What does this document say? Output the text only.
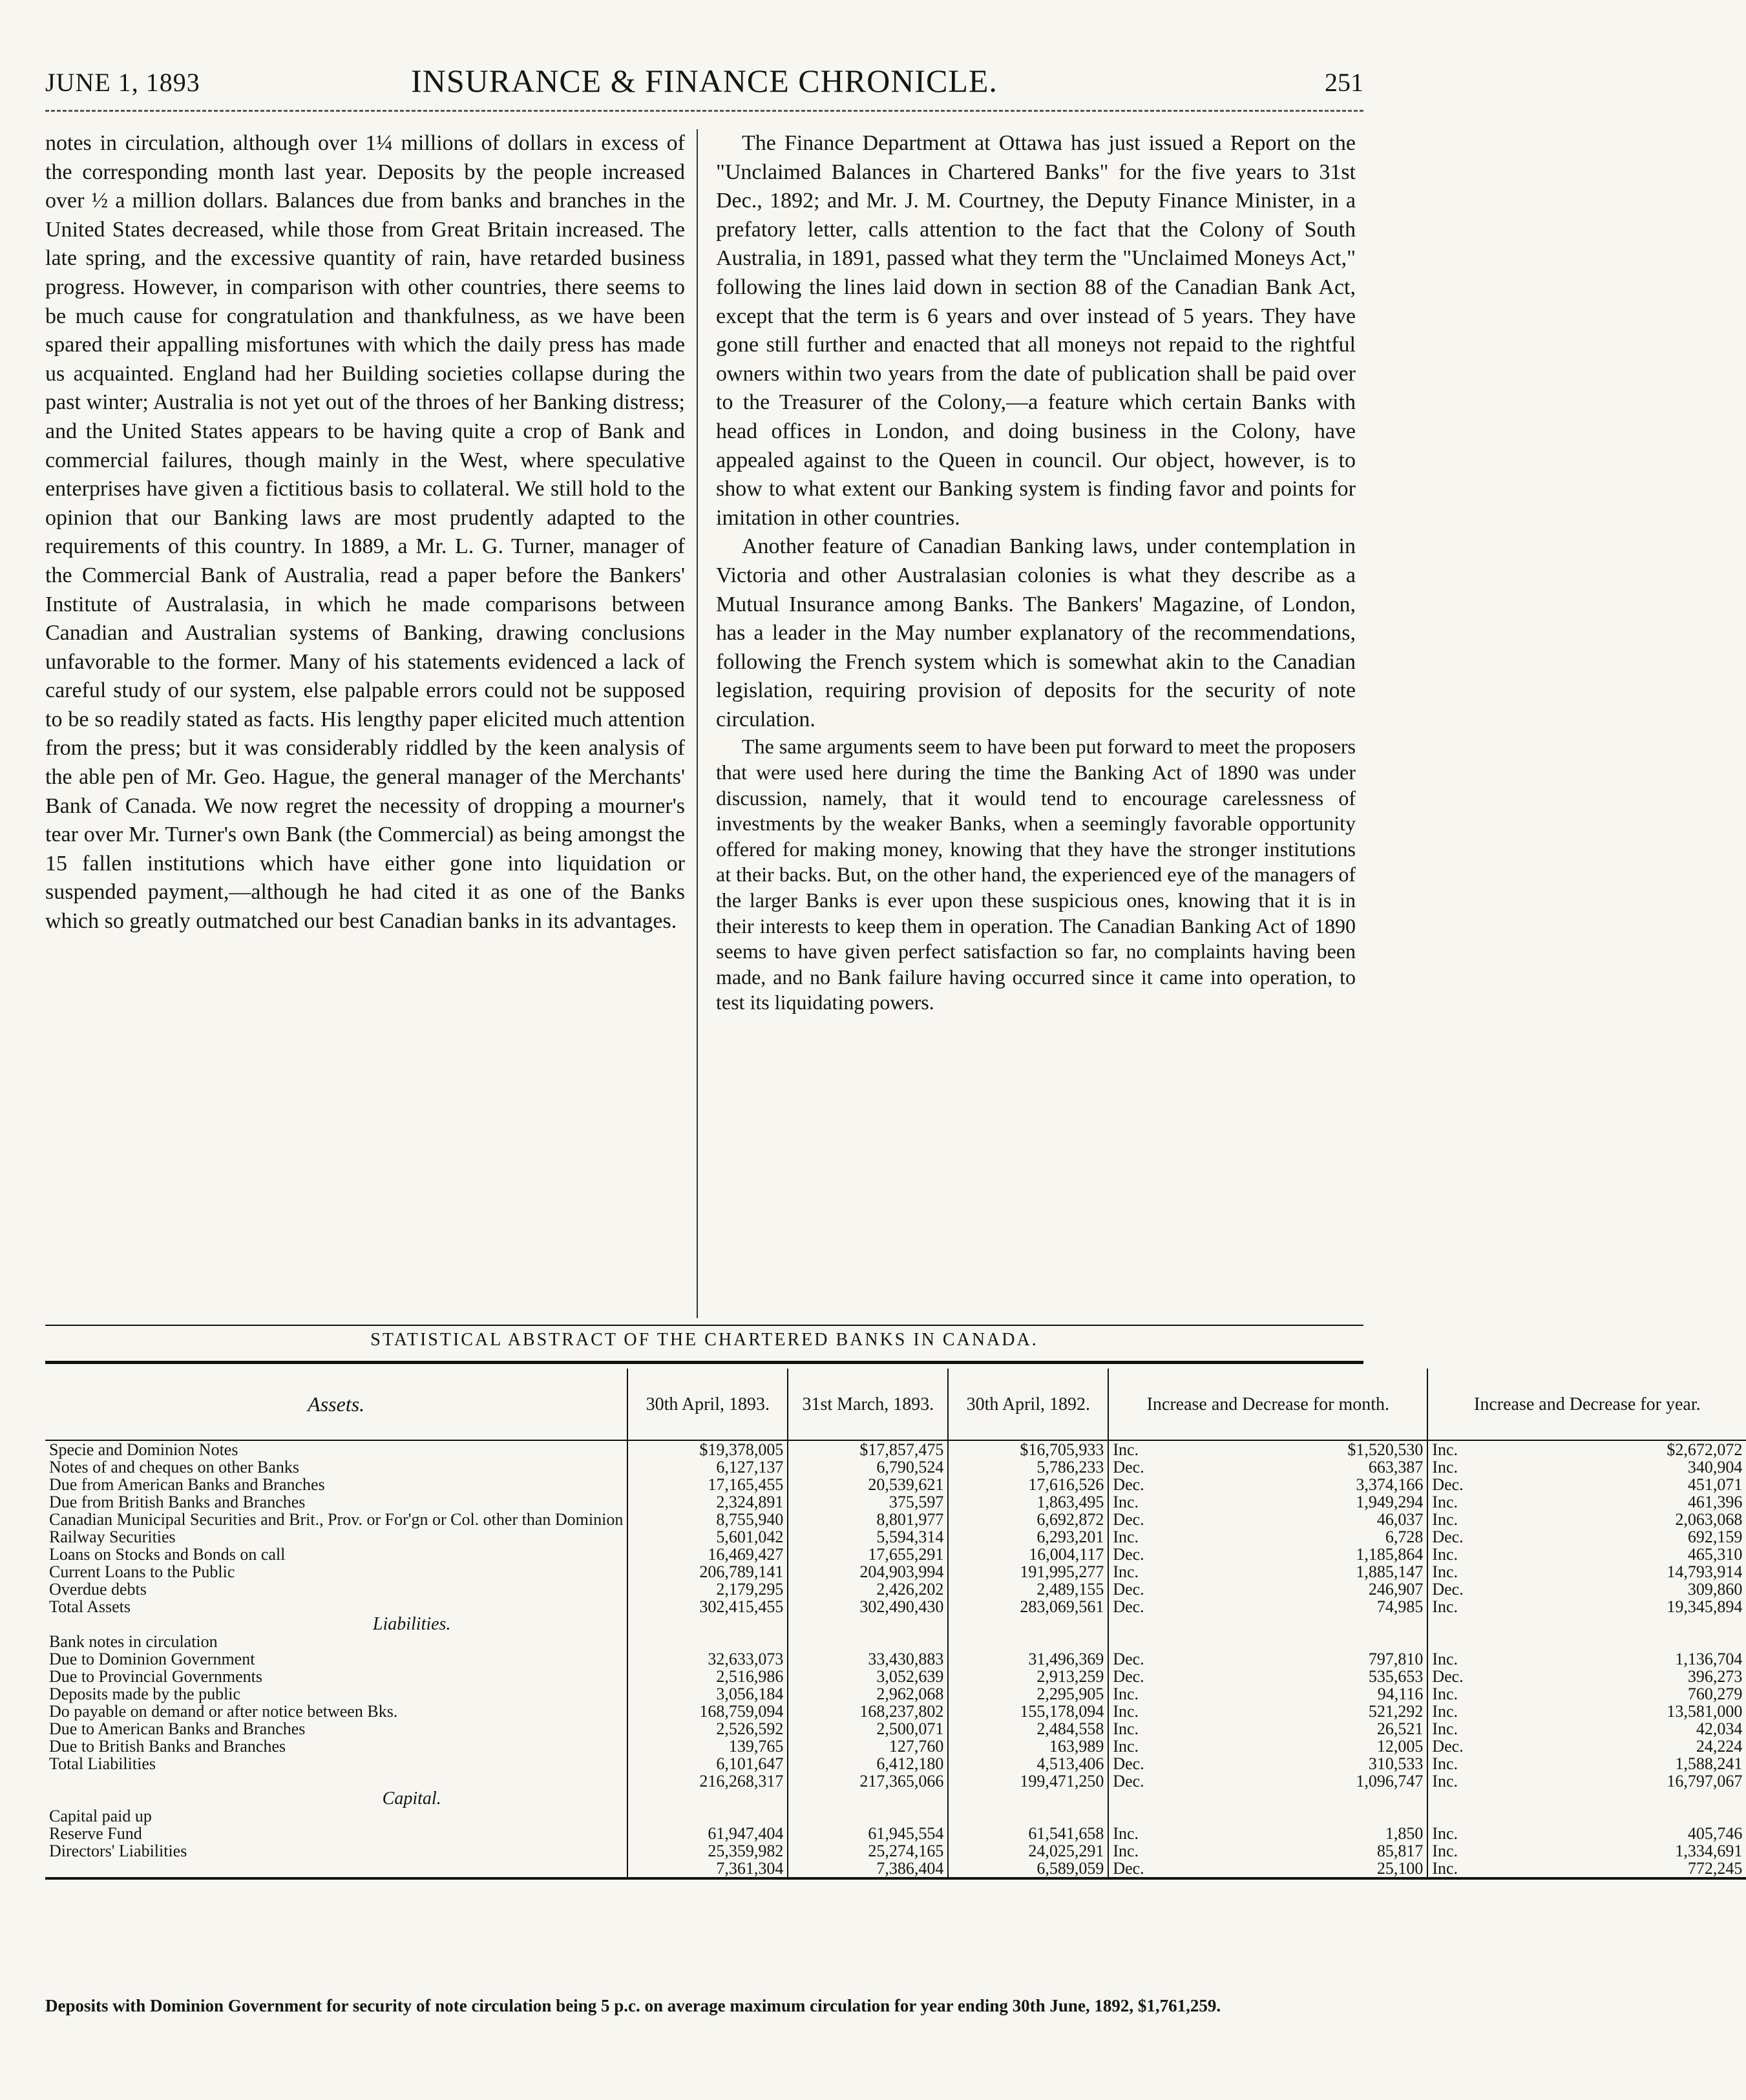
JUNE 1, 1893	INSURANCE & FINANCE CHRONICLE.	251

notes in circulation, although over 1¼ millions of dollars in excess of the corresponding month last year. Deposits by the people increased over ½ a million dollars. Balances due from banks and branches in the United States decreased, while those from Great Britain increased. The late spring, and the excessive quantity of rain, have retarded business progress. However, in comparison with other countries, there seems to be much cause for congratulation and thankfulness, as we have been spared their appalling misfortunes with which the daily press has made us acquainted. England had her Building societies collapse during the past winter; Australia is not yet out of the throes of her Banking distress; and the United States appears to be having quite a crop of Bank and commercial failures, though mainly in the West, where speculative enterprises have given a fictitious basis to collateral. We still hold to the opinion that our Banking laws are most prudently adapted to the requirements of this country. In 1889, a Mr. L. G. Turner, manager of the Commercial Bank of Australia, read a paper before the Bankers' Institute of Australasia, in which he made comparisons between Canadian and Australian systems of Banking, drawing conclusions unfavorable to the former. Many of his statements evidenced a lack of careful study of our system, else palpable errors could not be supposed to be so readily stated as facts. His lengthy paper elicited much attention from the press; but it was considerably riddled by the keen analysis of the able pen of Mr. Geo. Hague, the general manager of the Merchants' Bank of Canada. We now regret the necessity of dropping a mourner's tear over Mr. Turner's own Bank (the Commercial) as being amongst the 15 fallen institutions which have either gone into liquidation or suspended payment,—although he had cited it as one of the Banks which so greatly outmatched our best Canadian banks in its advantages.

The Finance Department at Ottawa has just issued a Report on the "Unclaimed Balances in Chartered Banks" for the five years to 31st Dec., 1892; and Mr. J. M. Courtney, the Deputy Finance Minister, in a prefatory letter, calls attention to the fact that the Colony of South Australia, in 1891, passed what they term the "Unclaimed Moneys Act," following the lines laid down in section 88 of the Canadian Bank Act, except that the term is 6 years and over instead of 5 years. They have gone still further and enacted that all moneys not repaid to the rightful owners within two years from the date of publication shall be paid over to the Treasurer of the Colony,—a feature which certain Banks with head offices in London, and doing business in the Colony, have appealed against to the Queen in council. Our object, however, is to show to what extent our Banking system is finding favor and points for imitation in other countries.

Another feature of Canadian Banking laws, under contemplation in Victoria and other Australasian colonies is what they describe as a Mutual Insurance among Banks. The Bankers' Magazine, of London, has a leader in the May number explanatory of the recommendations, following the French system which is somewhat akin to the Canadian legislation, requiring provision of deposits for the security of note circulation.

The same arguments seem to have been put forward to meet the proposers that were used here during the time the Banking Act of 1890 was under discussion, namely, that it would tend to encourage carelessness of investments by the weaker Banks, when a seemingly favorable opportunity offered for making money, knowing that they have the stronger institutions at their backs. But, on the other hand, the experienced eye of the managers of the larger Banks is ever upon these suspicious ones, knowing that it is in their interests to keep them in operation. The Canadian Banking Act of 1890 seems to have given perfect satisfaction so far, no complaints having been made, and no Bank failure having occurred since it came into operation, to test its liquidating powers.

STATISTICAL ABSTRACT OF THE CHARTERED BANKS IN CANADA.
Assets.	30th April, 1893.	31st March, 1893.	30th April, 1892.	Increase and Decrease for month.		Increase and Decrease for year.	
Specie and Dominion Notes	$19,378,005	$17,857,475	$16,705,933	Inc.	$1,520,530	Inc.	$2,672,072
Notes of and cheques on other Banks	6,127,137	6,790,524	5,786,233	Dec.	663,387	Inc.	340,904
Due from American Banks and Branches	17,165,455	20,539,621	17,616,526	Dec.	3,374,166	Dec.	451,071
Due from British Banks and Branches	2,324,891	375,597	1,863,495	Inc.	1,949,294	Inc.	461,396
Canadian Municipal Securities and Brit., Prov. or For'gn or Col. other than Dominion	8,755,940	8,801,977	6,692,872	Dec.	46,037	Inc.	2,063,068
Railway Securities	5,601,042	5,594,314	6,293,201	Inc.	6,728	Dec.	692,159
Loans on Stocks and Bonds on call	16,469,427	17,655,291	16,004,117	Dec.	1,185,864	Inc.	465,310
Current Loans to the Public	206,789,141	204,903,994	191,995,277	Inc.	1,885,147	Inc.	14,793,914
Overdue debts	2,179,295	2,426,202	2,489,155	Dec.	246,907	Dec.	309,860
Total Assets	302,415,455	302,490,430	283,069,561	Dec.	74,985	Inc.	19,345,894
Liabilities.							
Bank notes in circulation							
Due to Dominion Government	32,633,073	33,430,883	31,496,369	Dec.	797,810	Inc.	1,136,704
Due to Provincial Governments	2,516,986	3,052,639	2,913,259	Dec.	535,653	Dec.	396,273
Deposits made by the public	3,056,184	2,962,068	2,295,905	Inc.	94,116	Inc.	760,279
Do payable on demand or after notice between Bks.	168,759,094	168,237,802	155,178,094	Inc.	521,292	Inc.	13,581,000
Due to American Banks and Branches	2,526,592	2,500,071	2,484,558	Inc.	26,521	Inc.	42,034
Due to British Banks and Branches	139,765	127,760	163,989	Inc.	12,005	Dec.	24,224
Total Liabilities	6,101,647	6,412,180	4,513,406	Dec.	310,533	Inc.	1,588,241
	216,268,317	217,365,066	199,471,250	Dec.	1,096,747	Inc.	16,797,067
Capital.							
Capital paid up							
Reserve Fund	61,947,404	61,945,554	61,541,658	Inc.	1,850	Inc.	405,746
Directors' Liabilities	25,359,982	25,274,165	24,025,291	Inc.	85,817	Inc.	1,334,691
	7,361,304	7,386,404	6,589,059	Dec.	25,100	Inc.	772,245

Deposits with Dominion Government for security of note circulation being 5 p.c. on average maximum circulation for year ending 30th June, 1892, $1,761,259.
